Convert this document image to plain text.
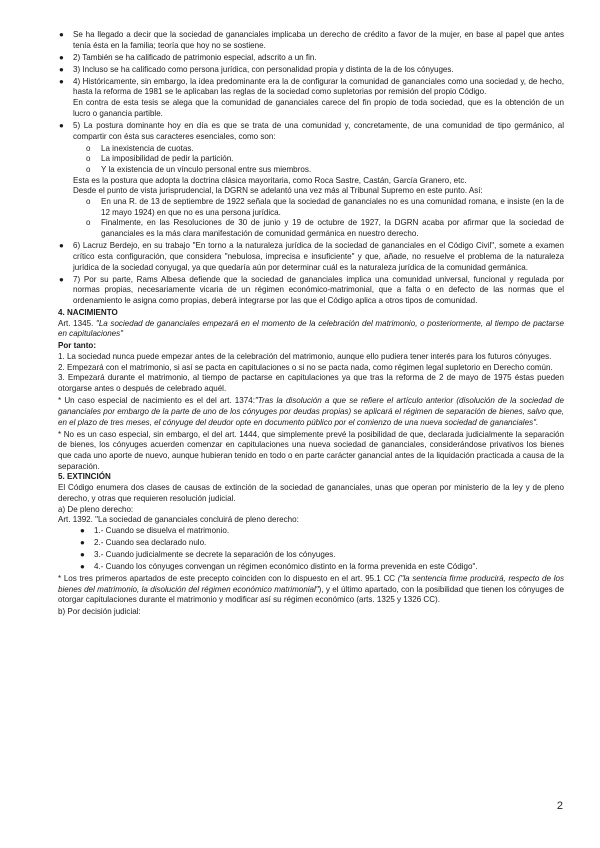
● Se ha llegado a decir que la sociedad de gananciales implicaba un derecho de crédito a favor de la mujer, en base al papel que antes tenía ésta en la familia; teoría que hoy no se sostiene.
● 2) También se ha calificado de patrimonio especial, adscrito a un fin.
● 3) Incluso se ha calificado como persona jurídica, con personalidad propia y distinta de la de los cónyuges.
● 4) Históricamente, sin embargo, la idea predominante era la de configurar la comunidad de gananciales como una sociedad y, de hecho, hasta la reforma de 1981 se le aplicaban las reglas de la sociedad como supletorias por remisión del propio Código.

En contra de esta tesis se alega que la comunidad de gananciales carece del fin propio de toda sociedad, que es la obtención de un lucro o ganancia partible.

● 5) La postura dominante hoy en día es que se trata de una comunidad y, concretamente, de una comunidad de tipo germánico, al compartir con ésta sus caracteres esenciales, como son:
o La inexistencia de cuotas.
o La imposibilidad de pedir la partición.
o Y la existencia de un vínculo personal entre sus miembros.

Esta es la postura que adopta la doctrina clásica mayoritaria, como Roca Sastre, Castán, García Granero, etc.

Desde el punto de vista jurisprudencial, la DGRN se adelantó una vez más al Tribunal Supremo en este punto. Así:

o En una R. de 13 de septiembre de 1922 señala que la sociedad de gananciales no es una comunidad romana, e insiste (en la de 12 mayo 1924) en que no es una persona jurídica.
o Finalmente, en las Resoluciones de 30 de junio y 19 de octubre de 1927, la DGRN acaba por afirmar que la sociedad de gananciales es la más clara manifestación de comunidad germánica en nuestro derecho.
● 6) Lacruz Berdejo, en su trabajo "En torno a la naturaleza jurídica de la sociedad de gananciales en el Código Civil", somete a examen crítico esta configuración, que considera "nebulosa, imprecisa e insuficiente" y que, añade, no resuelve el problema de la naturaleza jurídica de la sociedad conyugal, ya que quedaría aún por determinar cuál es la naturaleza jurídica de la comunidad germánica.
● 7) Por su parte, Rams Albesa defiende que la sociedad de gananciales implica una comunidad universal, funcional y regulada por normas propias, necesariamente vicaria de un régimen económico-matrimonial, que a falta o en defecto de las normas que el ordenamiento le asigna como propias, deberá integrarse por las que el Código aplica a otros tipos de comunidad.

4. NACIMIENTO

Art. 1345. "La sociedad de gananciales empezará en el momento de la celebración del matrimonio, o posteriormente, al tiempo de pactarse en capitulaciones"

Por tanto:

1. La sociedad nunca puede empezar antes de la celebración del matrimonio, aunque ello pudiera tener interés para los futuros cónyuges.

2. Empezará con el matrimonio, si así se pacta en capitulaciones o si no se pacta nada, como régimen legal supletorio en Derecho común.

3. Empezará durante el matrimonio, al tiempo de pactarse en capitulaciones ya que tras la reforma de 2 de mayo de 1975 éstas pueden otorgarse antes o después de celebrado aquél.

* Un caso especial de nacimiento es el del art. 1374:"Tras la disolución a que se refiere el artículo anterior (disolución de la sociedad de gananciales por embargo de la parte de uno de los cónyuges por deudas propias) se aplicará el régimen de separación de bienes, salvo que, en el plazo de tres meses, el cónyuge del deudor opte en documento público por el comienzo de una nueva sociedad de gananciales".

* No es un caso especial, sin embargo, el del art. 1444, que simplemente prevé la posibilidad de que, declarada judicialmente la separación de bienes, los cónyuges acuerden comenzar en capitulaciones una nueva sociedad de gananciales, considerándose privativos los bienes que cada uno aporte de nuevo, aunque hubieran tenido en todo o en parte carácter ganancial antes de la liquidación practicada a causa de la separación.

5. EXTINCIÓN

El Código enumera dos clases de causas de extinción de la sociedad de gananciales, unas que operan por ministerio de la ley y de pleno derecho, y otras que requieren resolución judicial.

a) De pleno derecho:

Art. 1392. "La sociedad de gananciales concluirá de pleno derecho:

● 1.- Cuando se disuelva el matrimonio.
● 2.- Cuando sea declarado nulo.
● 3.- Cuando judicialmente se decrete la separación de los cónyuges.
● 4.- Cuando los cónyuges convengan un régimen económico distinto en la forma prevenida en este Código".

* Los tres primeros apartados de este precepto coinciden con lo dispuesto en el art. 95.1 CC ("la sentencia firme producirá, respecto de los bienes del matrimonio, la disolución del régimen económico matrimonial"), y el último apartado, con la posibilidad que tienen los cónyuges de otorgar capitulaciones durante el matrimonio y modificar así su régimen económico (arts. 1325 y 1326 CC).

b) Por decisión judicial:

2
